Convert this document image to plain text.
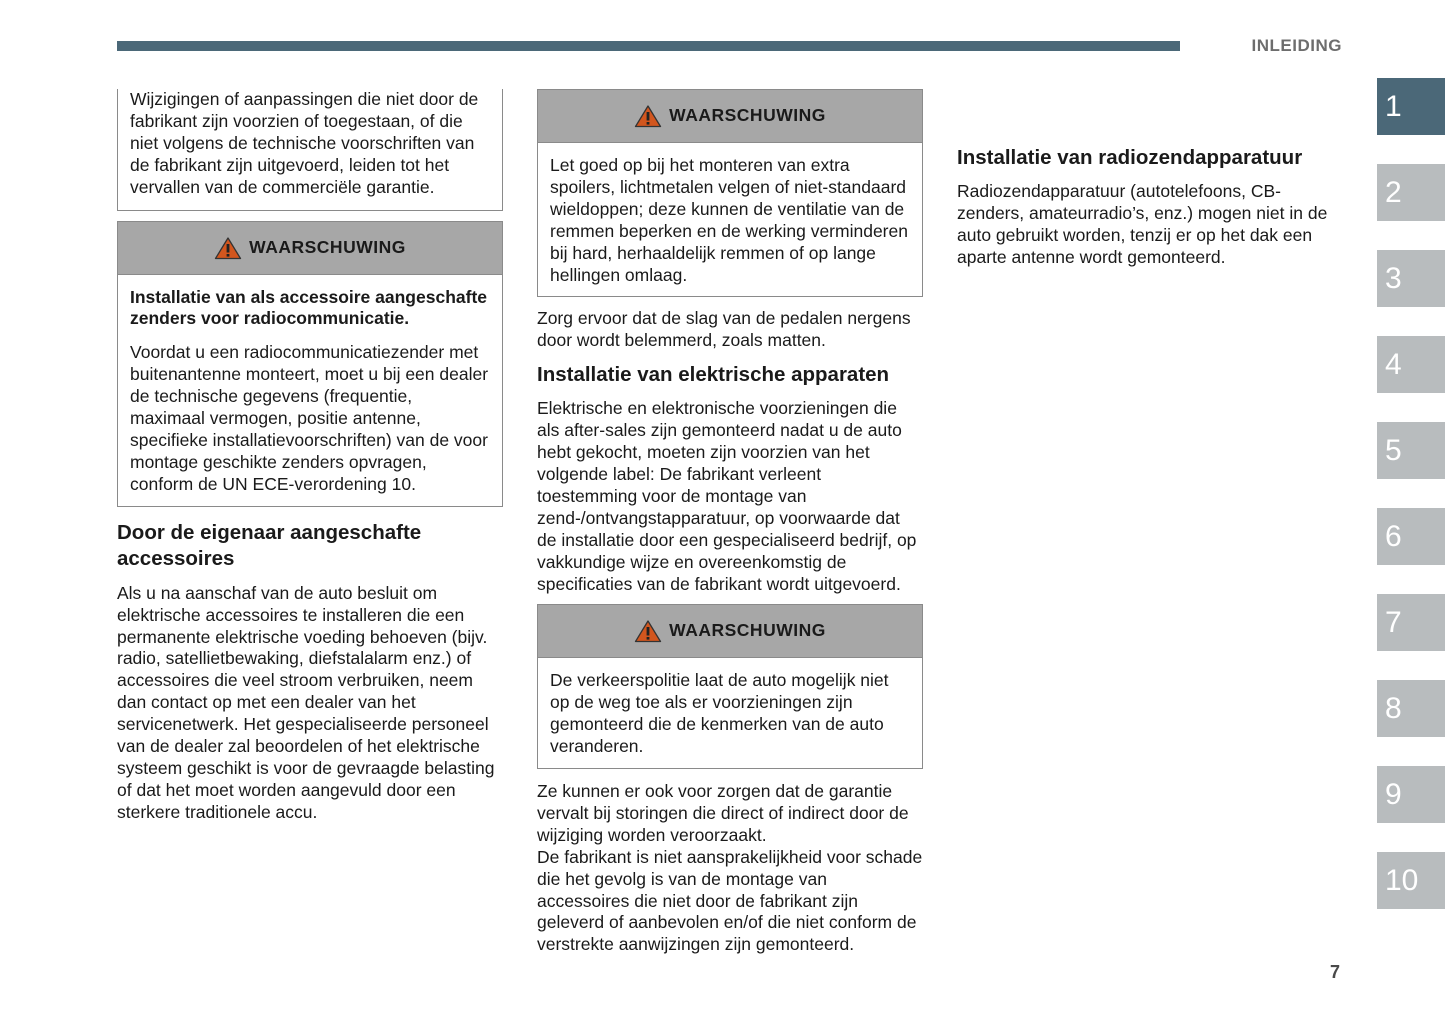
INLEIDING

Wijzigingen of aanpassingen die niet door de fabrikant zijn voorzien of toegestaan, of die niet volgens de technische voorschriften van de fabrikant zijn uitgevoerd, leiden tot het vervallen van de commerciële garantie.

WAARSCHUWING

Installatie van als accessoire aangeschafte zenders voor radiocommunicatie.

Voordat u een radiocommunicatiezender met buitenantenne monteert, moet u bij een dealer de technische gegevens (frequentie, maximaal vermogen, positie antenne, specifieke installatievoorschriften) van de voor montage geschikte zenders opvragen, conform de UN ECE-verordening 10.

Door de eigenaar aangeschafte accessoires

Als u na aanschaf van de auto besluit om elektrische accessoires te installeren die een permanente elektrische voeding behoeven (bijv. radio, satellietbewaking, diefstalalarm enz.) of accessoires die veel stroom verbruiken, neem dan contact op met een dealer van het servicenetwerk. Het gespecialiseerde personeel van de dealer zal beoordelen of het elektrische systeem geschikt is voor de gevraagde belasting of dat het moet worden aangevuld door een sterkere traditionele accu.

WAARSCHUWING

Let goed op bij het monteren van extra spoilers, lichtmetalen velgen of niet-standaard wieldoppen; deze kunnen de ventilatie van de remmen beperken en de werking verminderen bij hard, herhaaldelijk remmen of op lange hellingen omlaag.

Zorg ervoor dat de slag van de pedalen nergens door wordt belemmerd, zoals matten.

Installatie van elektrische apparaten

Elektrische en elektronische voorzieningen die als after-sales zijn gemonteerd nadat u de auto hebt gekocht, moeten zijn voorzien van het volgende label: De fabrikant verleent toestemming voor de montage van zend-/ontvangstapparatuur, op voorwaarde dat de installatie door een gespecialiseerd bedrijf, op vakkundige wijze en overeenkomstig de specificaties van de fabrikant wordt uitgevoerd.

WAARSCHUWING

De verkeerspolitie laat de auto mogelijk niet op de weg toe als er voorzieningen zijn gemonteerd die de kenmerken van de auto veranderen.

Ze kunnen er ook voor zorgen dat de garantie vervalt bij storingen die direct of indirect door de wijziging worden veroorzaakt.

De fabrikant is niet aansprakelijkheid voor schade die het gevolg is van de montage van accessoires die niet door de fabrikant zijn geleverd of aanbevolen en/of die niet conform de verstrekte aanwijzingen zijn gemonteerd.

Installatie van radiozendapparatuur

Radiozendapparatuur (autotelefoons, CB-zenders, amateurradio’s, enz.) mogen niet in de auto gebruikt worden, tenzij er op het dak een aparte antenne wordt gemonteerd.

1
2
3
4
5
6
7
8
9
10
7
